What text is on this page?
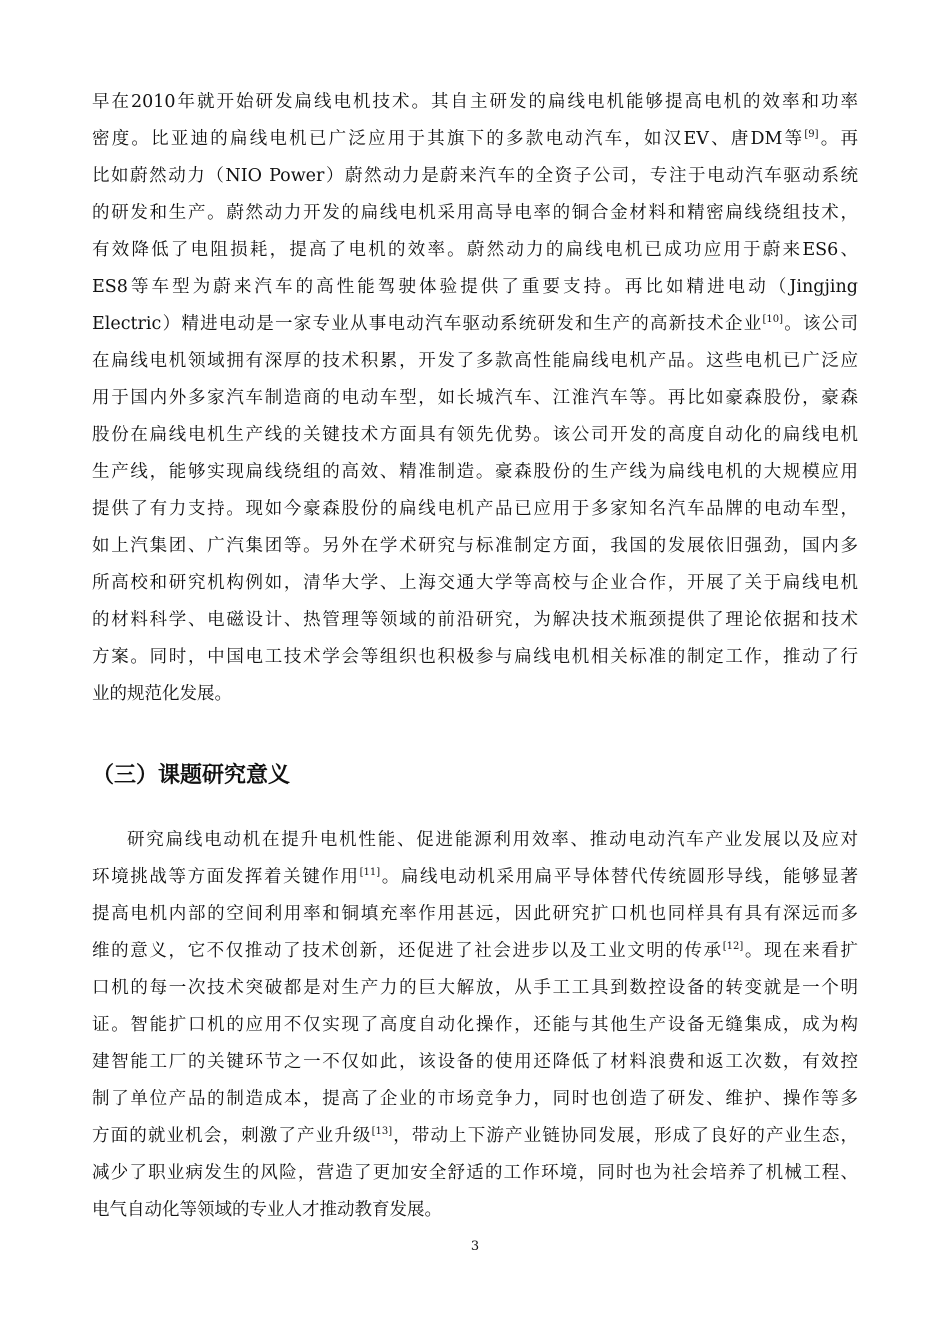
早在2010年就开始研发扁线电机技术。其自主研发的扁线电机能够提高电机的效率和功率
密度。比亚迪的扁线电机已广泛应用于其旗下的多款电动汽车，如汉EV、唐DM等[9]。再
比如蔚然动力（NIO Power）蔚然动力是蔚来汽车的全资子公司，专注于电动汽车驱动系统
的研发和生产。蔚然动力开发的扁线电机采用高导电率的铜合金材料和精密扁线绕组技术，
有效降低了电阻损耗，提高了电机的效率。蔚然动力的扁线电机已成功应用于蔚来ES6、
ES8等车型为蔚来汽车的高性能驾驶体验提供了重要支持。再比如精进电动（Jingjing
Electric）精进电动是一家专业从事电动汽车驱动系统研发和生产的高新技术企业[10]。该公司
在扁线电机领域拥有深厚的技术积累，开发了多款高性能扁线电机产品。这些电机已广泛应
用于国内外多家汽车制造商的电动车型，如长城汽车、江淮汽车等。再比如豪森股份，豪森
股份在扁线电机生产线的关键技术方面具有领先优势。该公司开发的高度自动化的扁线电机
生产线，能够实现扁线绕组的高效、精准制造。豪森股份的生产线为扁线电机的大规模应用
提供了有力支持。现如今豪森股份的扁线电机产品已应用于多家知名汽车品牌的电动车型，
如上汽集团、广汽集团等。另外在学术研究与标准制定方面，我国的发展依旧强劲，国内多
所高校和研究机构例如，清华大学、上海交通大学等高校与企业合作，开展了关于扁线电机
的材料科学、电磁设计、热管理等领域的前沿研究，为解决技术瓶颈提供了理论依据和技术
方案。同时，中国电工技术学会等组织也积极参与扁线电机相关标准的制定工作，推动了行
业的规范化发展。
（三）课题研究意义
研究扁线电动机在提升电机性能、促进能源利用效率、推动电动汽车产业发展以及应对
环境挑战等方面发挥着关键作用[11]。扁线电动机采用扁平导体替代传统圆形导线，能够显著
提高电机内部的空间利用率和铜填充率作用甚远，因此研究扩口机也同样具有具有深远而多
维的意义，它不仅推动了技术创新，还促进了社会进步以及工业文明的传承[12]。现在来看扩
口机的每一次技术突破都是对生产力的巨大解放，从手工工具到数控设备的转变就是一个明
证。智能扩口机的应用不仅实现了高度自动化操作，还能与其他生产设备无缝集成，成为构
建智能工厂的关键环节之一不仅如此，该设备的使用还降低了材料浪费和返工次数，有效控
制了单位产品的制造成本，提高了企业的市场竞争力，同时也创造了研发、维护、操作等多
方面的就业机会，刺激了产业升级[13]，带动上下游产业链协同发展，形成了良好的产业生态，
减少了职业病发生的风险，营造了更加安全舒适的工作环境，同时也为社会培养了机械工程、
电气自动化等领域的专业人才推动教育发展。
3
